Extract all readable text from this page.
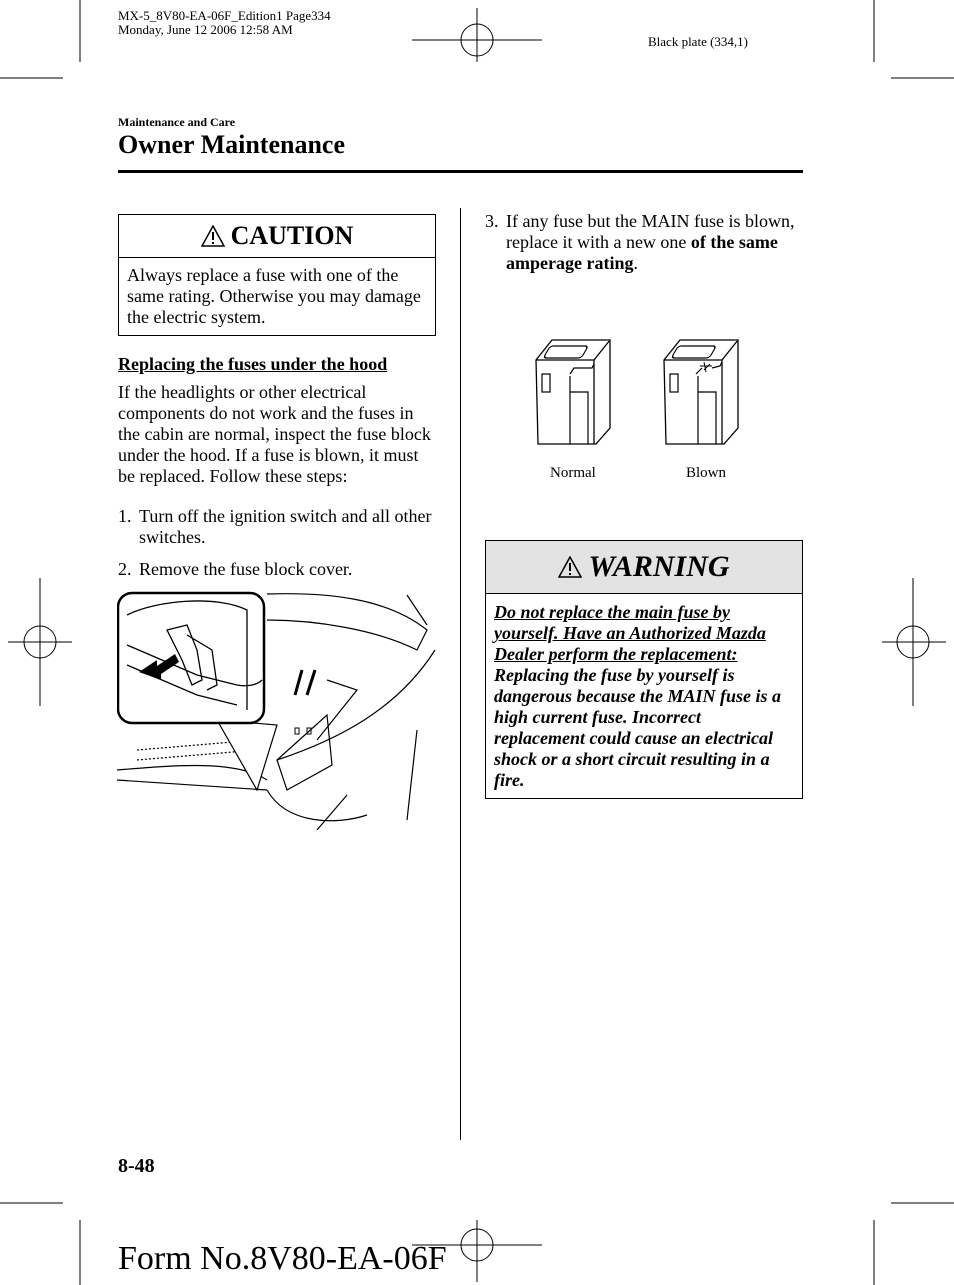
MX-5_8V80-EA-06F_Edition1 Page334
Monday, June 12 2006 12:58 AM
Black plate (334,1)
Maintenance and Care
Owner Maintenance
CAUTION
Always replace a fuse with one of the same rating. Otherwise you may damage the electric system.
Replacing the fuses under the hood
If the headlights or other electrical components do not work and the fuses in the cabin are normal, inspect the fuse block under the hood. If a fuse is blown, it must be replaced. Follow these steps:
1. Turn off the ignition switch and all other switches.
2. Remove the fuse block cover.
3. If any fuse but the MAIN fuse is blown, replace it with a new one of the same amperage rating.
Normal	Blown
WARNING
Do not replace the main fuse by yourself. Have an Authorized Mazda Dealer perform the replacement: Replacing the fuse by yourself is dangerous because the MAIN fuse is a high current fuse. Incorrect replacement could cause an electrical shock or a short circuit resulting in a fire.
8-48
Form No.8V80-EA-06F
